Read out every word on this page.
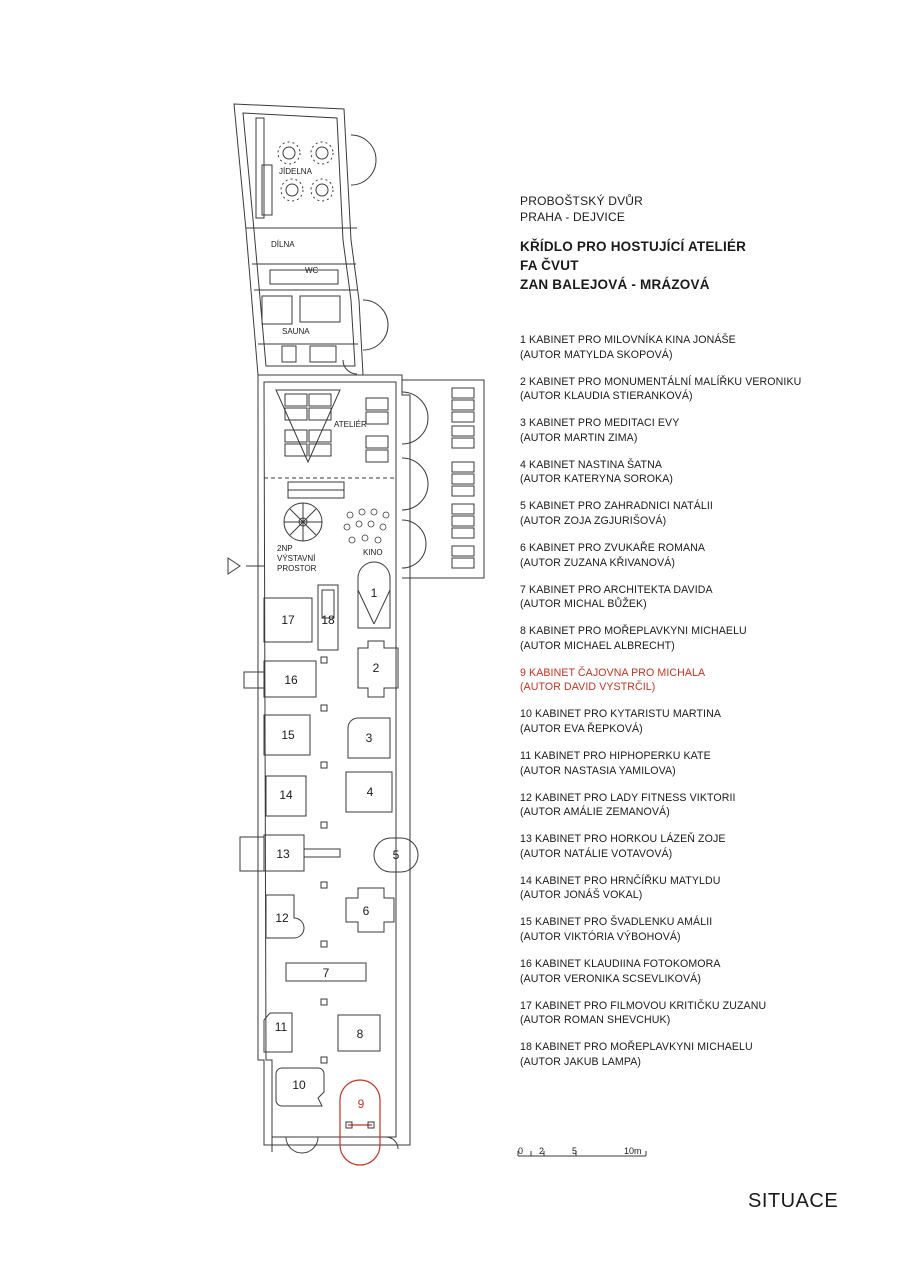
JÍDELNA
DÍLNA
WC
SAUNA
ATELIÉR
KINO
2NP
VÝSTAVNÍ
PROSTOR
1
2
3
4
5
6
7
8
9
10
11
12
13
14
15
16
17 18
0 2	5	10m
PROBOŠTSKÝ DVŮR
PRAHA - DEJVICE
KŘÍDLO PRO HOSTUJÍCÍ ATELIÉR
FA ČVUT
ZAN BALEJOVÁ - MRÁZOVÁ
1 KABINET PRO MILOVNÍKA KINA JONÁŠE
(AUTOR MATYLDA SKOPOVÁ)
2 KABINET PRO MONUMENTÁLNÍ MALÍŘKU VERONIKU
(AUTOR KLAUDIA STIERANKOVÁ)
3 KABINET PRO MEDITACI EVY
(AUTOR MARTIN ZIMA)
4 KABINET NASTINA ŠATNA
(AUTOR KATERYNA SOROKA)
5 KABINET PRO ZAHRADNICI NATÁLII
(AUTOR ZOJA ZGJURIŠOVÁ)
6 KABINET PRO ZVUKAŘE ROMANA
(AUTOR ZUZANA KŘIVANOVÁ)
7 KABINET PRO ARCHITEKTA DAVIDA
(AUTOR MICHAL BŮŽEK)
8 KABINET PRO MOŘEPLAVKYNI MICHAELU
(AUTOR MICHAEL ALBRECHT)
9 KABINET ČAJOVNA PRO MICHALA
(AUTOR DAVID VYSTRČIL)
10 KABINET PRO KYTARISTU MARTINA
(AUTOR EVA ŘEPKOVÁ)
11 KABINET PRO HIPHOPERKU KATE
(AUTOR NASTASIA YAMILOVA)
12 KABINET PRO LADY FITNESS VIKTORII
(AUTOR AMÁLIE ZEMANOVÁ)
13 KABINET PRO HORKOU LÁZEŇ ZOJE
(AUTOR NATÁLIE VOTAVOVÁ)
14 KABINET PRO HRNČÍŘKU MATYLDU
(AUTOR JONÁŠ VOKAL)
15 KABINET PRO ŠVADLENKU AMÁLII
(AUTOR VIKTÓRIA VÝBOHOVÁ)
16 KABINET KLAUDIINA FOTOKOMORA
(AUTOR VERONIKA SCSEVLIKOVÁ)
17 KABINET PRO FILMOVOU KRITIČKU ZUZANU
(AUTOR ROMAN SHEVCHUK)
18 KABINET PRO MOŘEPLAVKYNI MICHAELU
(AUTOR JAKUB LAMPA)
SITUACE
